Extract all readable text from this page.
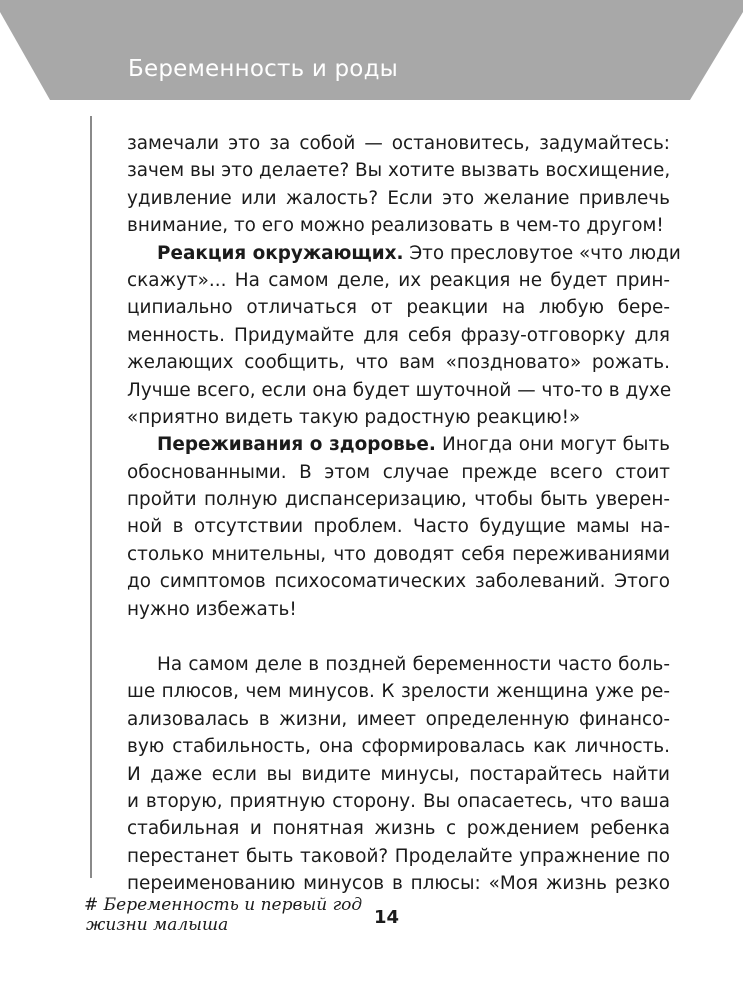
Беременность и роды
замечали это за собой — остановитесь, задумайтесь:
зачем вы это делаете? Вы хотите вызвать восхищение,
удивление или жалость? Если это желание привлечь
внимание, то его можно реализовать в чем-то другом!
Реакция окружающих. Это пресловутое «что люди
скажут»... На самом деле, их реакция не будет прин-
ципиально отличаться от реакции на любую бере-
менность. Придумайте для себя фразу-отговорку для
желающих сообщить, что вам «поздновато» рожать.
Лучше всего, если она будет шуточной — что-то в духе
«приятно видеть такую радостную реакцию!»
Переживания о здоровье. Иногда они могут быть
обоснованными. В этом случае прежде всего стоит
пройти полную диспансеризацию, чтобы быть уверен-
ной в отсутствии проблем. Часто будущие мамы на-
столько мнительны, что доводят себя переживаниями
до симптомов психосоматических заболеваний. Этого
нужно избежать!
На самом деле в поздней беременности часто боль-
ше плюсов, чем минусов. К зрелости женщина уже ре-
ализовалась в жизни, имеет определенную финансо-
вую стабильность, она сформировалась как личность.
И даже если вы видите минусы, постарайтесь найти
и вторую, приятную сторону. Вы опасаетесь, что ваша
стабильная и понятная жизнь с рождением ребенка
перестанет быть таковой? Проделайте упражнение по
переименованию минусов в плюсы: «Моя жизнь резко
# Беременность и первый год
жизни малыша	14
